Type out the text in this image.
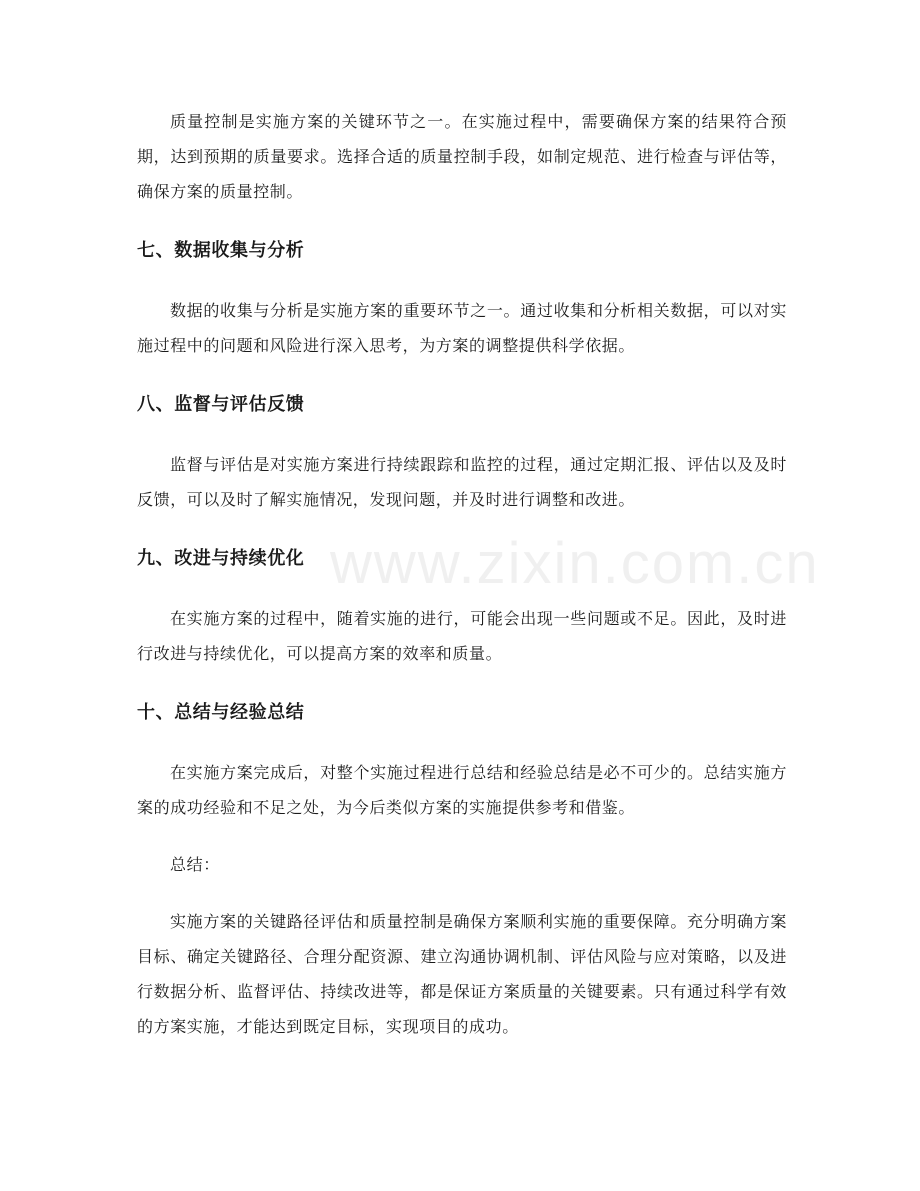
www.zixin.com.cn

质量控制是实施方案的关键环节之一。在实施过程中，需要确保方案的结果符合预期，达到预期的质量要求。选择合适的质量控制手段，如制定规范、进行检查与评估等，确保方案的质量控制。

七、数据收集与分析

数据的收集与分析是实施方案的重要环节之一。通过收集和分析相关数据，可以对实施过程中的问题和风险进行深入思考，为方案的调整提供科学依据。

八、监督与评估反馈

监督与评估是对实施方案进行持续跟踪和监控的过程，通过定期汇报、评估以及及时反馈，可以及时了解实施情况，发现问题，并及时进行调整和改进。

九、改进与持续优化

在实施方案的过程中，随着实施的进行，可能会出现一些问题或不足。因此，及时进行改进与持续优化，可以提高方案的效率和质量。

十、总结与经验总结

在实施方案完成后，对整个实施过程进行总结和经验总结是必不可少的。总结实施方案的成功经验和不足之处，为今后类似方案的实施提供参考和借鉴。

总结：

实施方案的关键路径评估和质量控制是确保方案顺利实施的重要保障。充分明确方案目标、确定关键路径、合理分配资源、建立沟通协调机制、评估风险与应对策略，以及进行数据分析、监督评估、持续改进等，都是保证方案质量的关键要素。只有通过科学有效的方案实施，才能达到既定目标，实现项目的成功。
